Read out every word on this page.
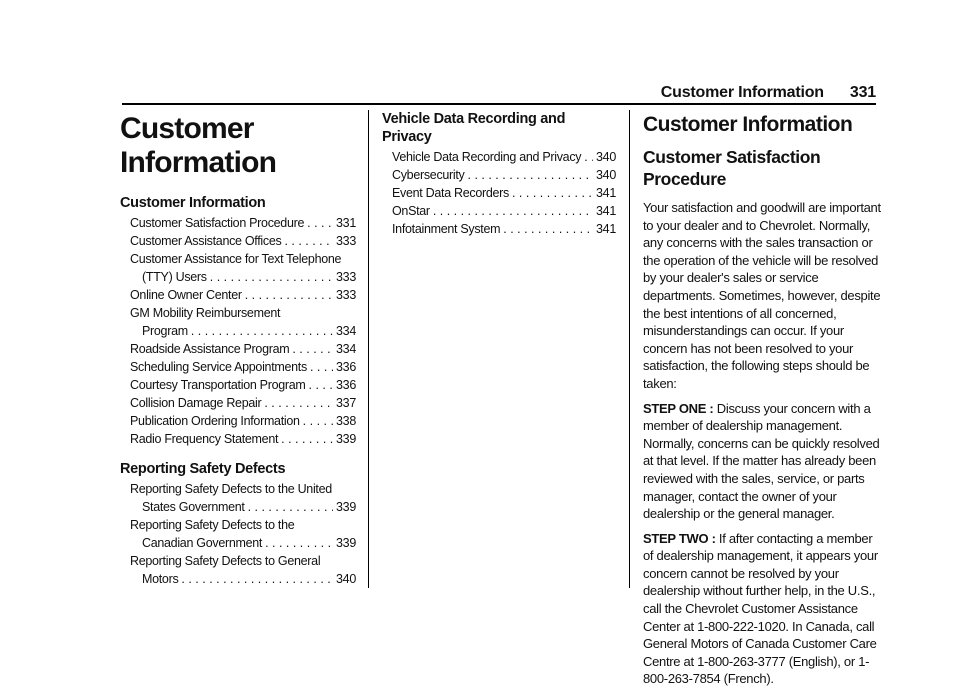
Customer Information 331
Customer Information
Customer Information
Customer Satisfaction Procedure . . .	331
Customer Assistance Offices . . .	333
Customer Assistance for Text Telephone
(TTY) Users . . .	333
Online Owner Center . . .	333
GM Mobility Reimbursement
Program . . .	334
Roadside Assistance Program . . .	334
Scheduling Service Appointments . . . 336
Courtesy Transportation Program . . . 336
Collision Damage Repair . . .	337
Publication Ordering Information . . .	338
Radio Frequency Statement . . .	339
Reporting Safety Defects
Reporting Safety Defects to the United
States Government . . .	339
Reporting Safety Defects to the
Canadian Government . . .	339
Reporting Safety Defects to General
Motors . . .	340
Vehicle Data Recording and Privacy
Vehicle Data Recording and Privacy . . . 340
Cybersecurity . . .	340
Event Data Recorders . . .	341
OnStar . . .	341
Infotainment System . . .	341
Customer Information
Customer Satisfaction Procedure

Your satisfaction and goodwill are important to your dealer and to Chevrolet. Normally, any concerns with the sales transaction or the operation of the vehicle will be resolved by your dealer's sales or service departments. Sometimes, however, despite the best intentions of all concerned, misunderstandings can occur. If your concern has not been resolved to your satisfaction, the following steps should be taken:

STEP ONE : Discuss your concern with a member of dealership management. Normally, concerns can be quickly resolved at that level. If the matter has already been reviewed with the sales, service, or parts manager, contact the owner of your dealership or the general manager.

STEP TWO : If after contacting a member of dealership management, it appears your concern cannot be resolved by your dealership without further help, in the U.S., call the Chevrolet Customer Assistance Center at 1-800-222-1020. In Canada, call General Motors of Canada Customer Care Centre at 1-800-263-3777 (English), or 1-800-263-7854 (French).
